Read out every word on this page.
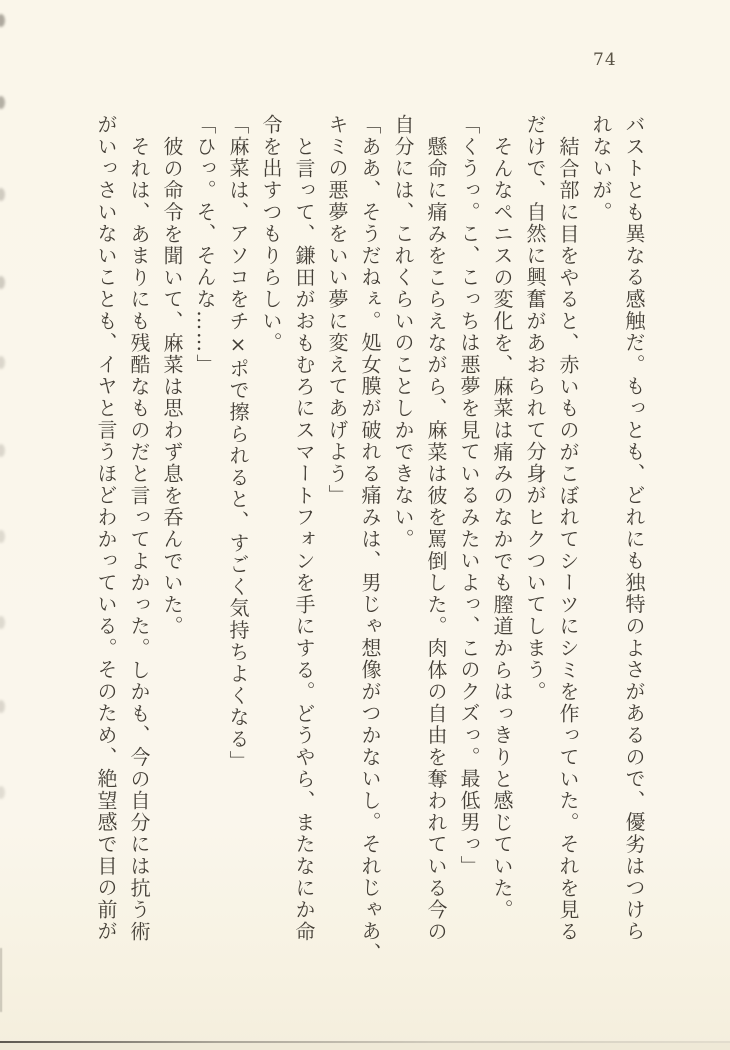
74

バストとも異なる感触だ。もっとも、どれにも独特のよさがあるので、優劣はつけら

れないが。

結合部に目をやると、赤いものがこぼれてシーツにシミを作っていた。それを見る

だけで、自然に興奮があおられて分身がヒクついてしまう。

そんなペニスの変化を、麻菜は痛みのなかでも膣道からはっきりと感じていた。

「くうっ。こ、こっちは悪夢を見ているみたいよっ、このクズっ。最低男っ」

懸命に痛みをこらえながら、麻菜は彼を罵倒した。肉体の自由を奪われている今の

自分には、これくらいのことしかできない。

「ああ、そうだねぇ。処女膜が破れる痛みは、男じゃ想像がつかないし。それじゃあ、

キミの悪夢をいい夢に変えてあげよう」

と言って、鎌田がおもむろにスマートフォンを手にする。どうやら、またなにか命

令を出すつもりらしい。

「麻菜は、アソコをチ×ポで擦られると、すごく気持ちよくなる」

「ひっ。そ、そんな……」

彼の命令を聞いて、麻菜は思わず息を呑んでいた。

それは、あまりにも残酷なものだと言ってよかった。しかも、今の自分には抗う術

がいっさいないことも、イヤと言うほどわかっている。そのため、絶望感で目の前が
